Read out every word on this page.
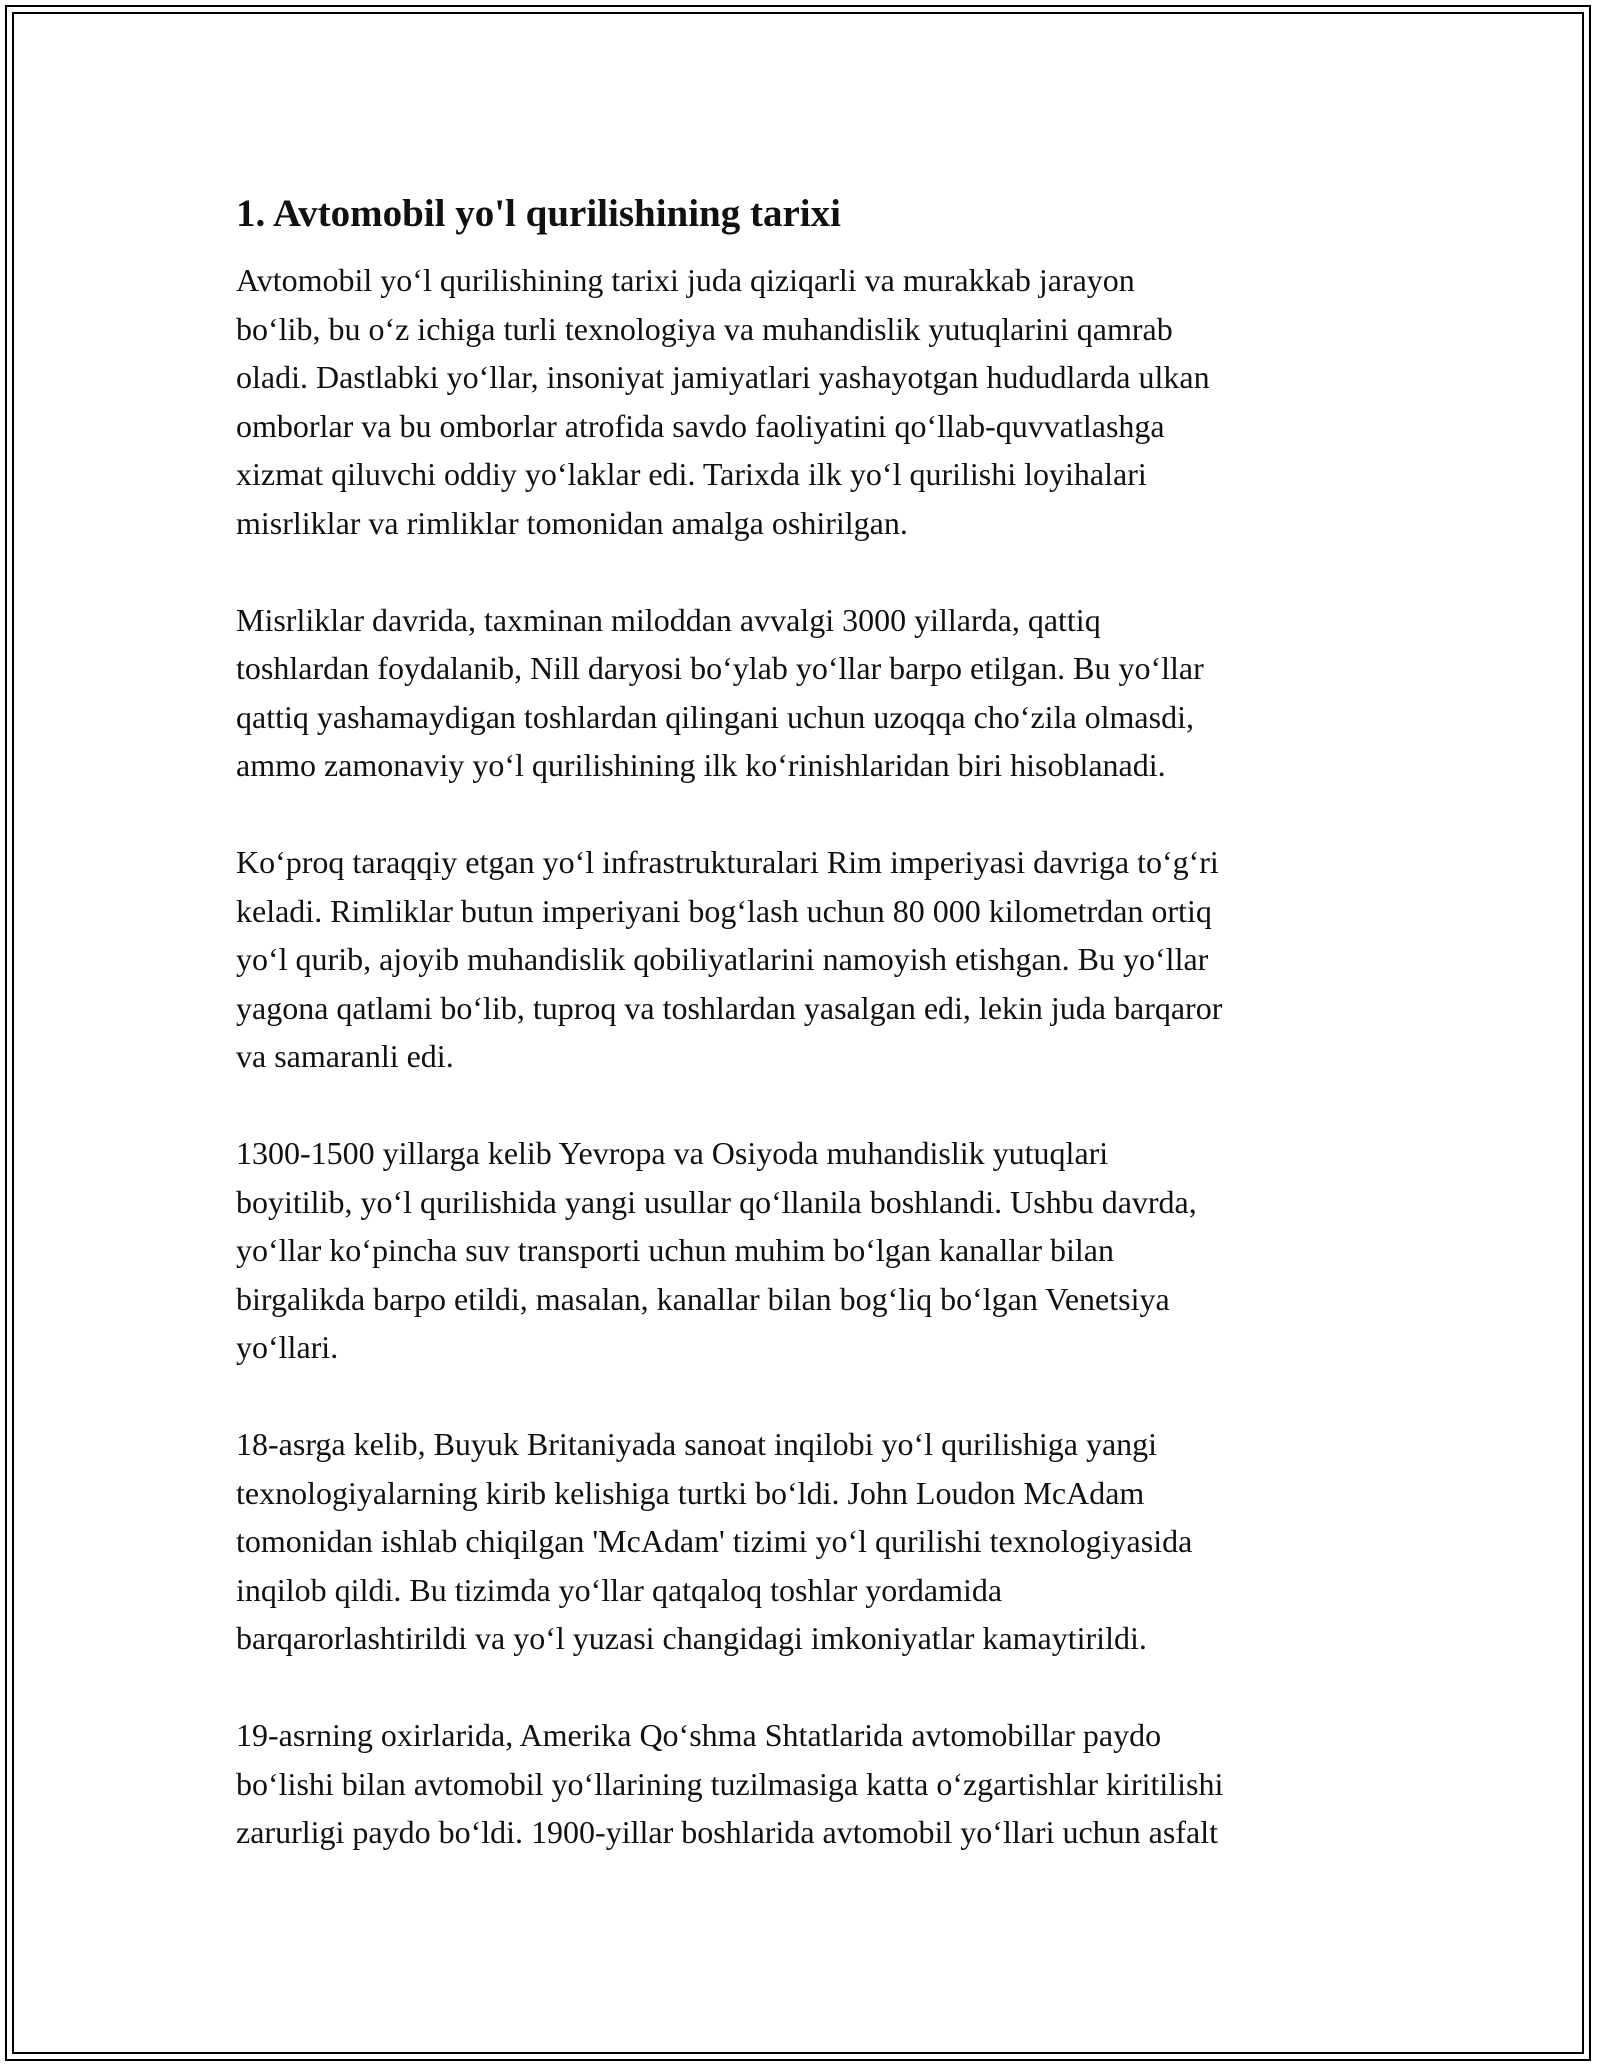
1. Avtomobil yo'l qurilishining tarixi

Avtomobil yo‘l qurilishining tarixi juda qiziqarli va murakkab jarayon
bo‘lib, bu o‘z ichiga turli texnologiya va muhandislik yutuqlarini qamrab
oladi. Dastlabki yo‘llar, insoniyat jamiyatlari yashayotgan hududlarda ulkan
omborlar va bu omborlar atrofida savdo faoliyatini qo‘llab-quvvatlashga
xizmat qiluvchi oddiy yo‘laklar edi. Tarixda ilk yo‘l qurilishi loyihalari
misrliklar va rimliklar tomonidan amalga oshirilgan.

Misrliklar davrida, taxminan miloddan avvalgi 3000 yillarda, qattiq
toshlardan foydalanib, Nill daryosi bo‘ylab yo‘llar barpo etilgan. Bu yo‘llar
qattiq yashamaydigan toshlardan qilingani uchun uzoqqa cho‘zila olmasdi,
ammo zamonaviy yo‘l qurilishining ilk ko‘rinishlaridan biri hisoblanadi.

Ko‘proq taraqqiy etgan yo‘l infrastrukturalari Rim imperiyasi davriga to‘g‘ri
keladi. Rimliklar butun imperiyani bog‘lash uchun 80 000 kilometrdan ortiq
yo‘l qurib, ajoyib muhandislik qobiliyatlarini namoyish etishgan. Bu yo‘llar
yagona qatlami bo‘lib, tuproq va toshlardan yasalgan edi, lekin juda barqaror
va samaranli edi.

1300-1500 yillarga kelib Yevropa va Osiyoda muhandislik yutuqlari
boyitilib, yo‘l qurilishida yangi usullar qo‘llanila boshlandi. Ushbu davrda,
yo‘llar ko‘pincha suv transporti uchun muhim bo‘lgan kanallar bilan
birgalikda barpo etildi, masalan, kanallar bilan bog‘liq bo‘lgan Venetsiya
yo‘llari.

18-asrga kelib, Buyuk Britaniyada sanoat inqilobi yo‘l qurilishiga yangi
texnologiyalarning kirib kelishiga turtki bo‘ldi. John Loudon McAdam
tomonidan ishlab chiqilgan 'McAdam' tizimi yo‘l qurilishi texnologiyasida
inqilob qildi. Bu tizimda yo‘llar qatqaloq toshlar yordamida
barqarorlashtirildi va yo‘l yuzasi changidagi imkoniyatlar kamaytirildi.

19-asrning oxirlarida, Amerika Qo‘shma Shtatlarida avtomobillar paydo
bo‘lishi bilan avtomobil yo‘llarining tuzilmasiga katta o‘zgartishlar kiritilishi
zarurligi paydo bo‘ldi. 1900-yillar boshlarida avtomobil yo‘llari uchun asfalt
